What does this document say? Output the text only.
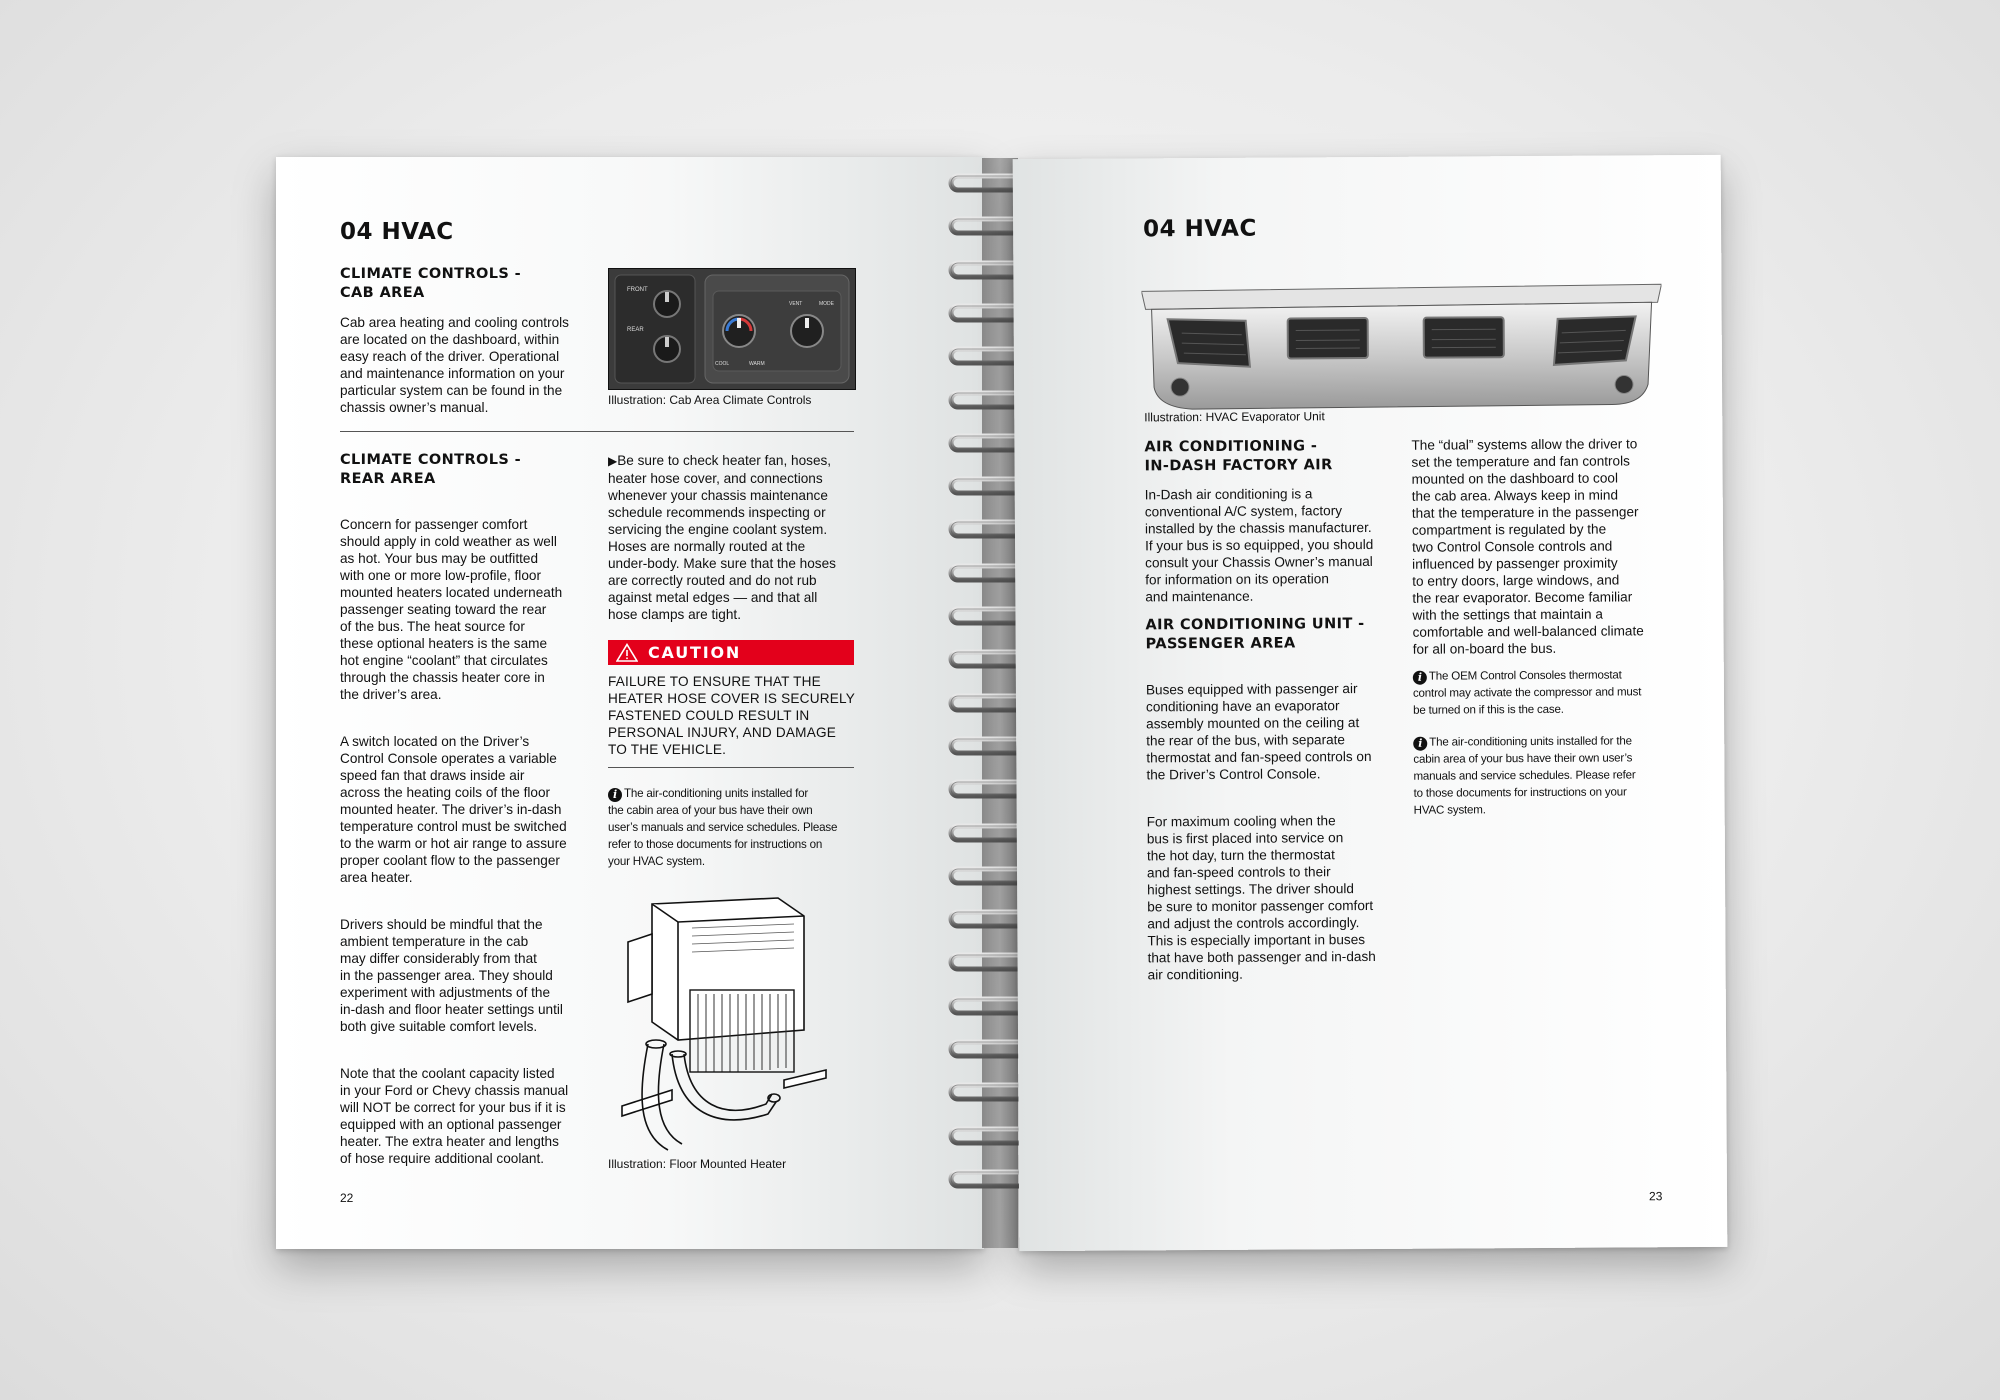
04 HVAC
CLIMATE CONTROLS -
CAB AREA
Cab area heating and cooling controls
are located on the dashboard, within
easy reach of the driver. Operational
and maintenance information on your
particular system can be found in the
chassis owner’s manual.
FRONT
REAR
COOL	WARM
VENT	MODE
Illustration: Cab Area Climate Controls
CLIMATE CONTROLS -
REAR AREA

Concern for passenger comfort
should apply in cold weather as well
as hot. Your bus may be outfitted
with one or more low-profile, floor
mounted heaters located underneath
passenger seating toward the rear
of the bus. The heat source for
these optional heaters is the same
hot engine “coolant” that circulates
through the chassis heater core in
the driver’s area.

A switch located on the Driver’s
Control Console operates a variable
speed fan that draws inside air
across the heating coils of the floor
mounted heater. The driver’s in-dash
temperature control must be switched
to the warm or hot air range to assure
proper coolant flow to the passenger
area heater.

Drivers should be mindful that the
ambient temperature in the cab
may differ considerably from that
in the passenger area. They should
experiment with adjustments of the
in-dash and floor heater settings until
both give suitable comfort levels.

Note that the coolant capacity listed
in your Ford or Chevy chassis manual
will NOT be correct for your bus if it is
equipped with an optional passenger
heater. The extra heater and lengths
of hose require additional coolant.

▶Be sure to check heater fan, hoses,
heater hose cover, and connections
whenever your chassis maintenance
schedule recommends inspecting or
servicing the engine coolant system.
Hoses are normally routed at the
under-body. Make sure that the hoses
are correctly routed and do not rub
against metal edges — and that all
hose clamps are tight.
CAUTION
FAILURE TO ENSURE THAT THE
HEATER HOSE COVER IS SECURELY
FASTENED COULD RESULT IN
PERSONAL INJURY, AND DAMAGE
TO THE VEHICLE.
i The air-conditioning units installed for
the cabin area of your bus have their own
user’s manuals and service schedules. Please
refer to those documents for instructions on
your HVAC system.
Illustration: Floor Mounted Heater
22
04 HVAC
Illustration: HVAC Evaporator Unit
AIR CONDITIONING -
IN-DASH FACTORY AIR
In-Dash air conditioning is a
conventional A/C system, factory
installed by the chassis manufacturer.
If your bus is so equipped, you should
consult your Chassis Owner’s manual
for information on its operation
and maintenance.
AIR CONDITIONING UNIT -
PASSENGER AREA

Buses equipped with passenger air
conditioning have an evaporator
assembly mounted on the ceiling at
the rear of the bus, with separate
thermostat and fan-speed controls on
the Driver’s Control Console.

For maximum cooling when the
bus is first placed into service on
the hot day, turn the thermostat
and fan-speed controls to their
highest settings. The driver should
be sure to monitor passenger comfort
and adjust the controls accordingly.
This is especially important in buses
that have both passenger and in-dash
air conditioning.

The “dual” systems allow the driver to
set the temperature and fan controls
mounted on the dashboard to cool
the cab area. Always keep in mind
that the temperature in the passenger
compartment is regulated by the
two Control Console controls and
influenced by passenger proximity
to entry doors, large windows, and
the rear evaporator. Become familiar
with the settings that maintain a
comfortable and well-balanced climate
for all on-board the bus.
i The OEM Control Consoles thermostat
control may activate the compressor and must
be turned on if this is the case.
i The air-conditioning units installed for the
cabin area of your bus have their own user’s
manuals and service schedules. Please refer
to those documents for instructions on your
HVAC system.
23
